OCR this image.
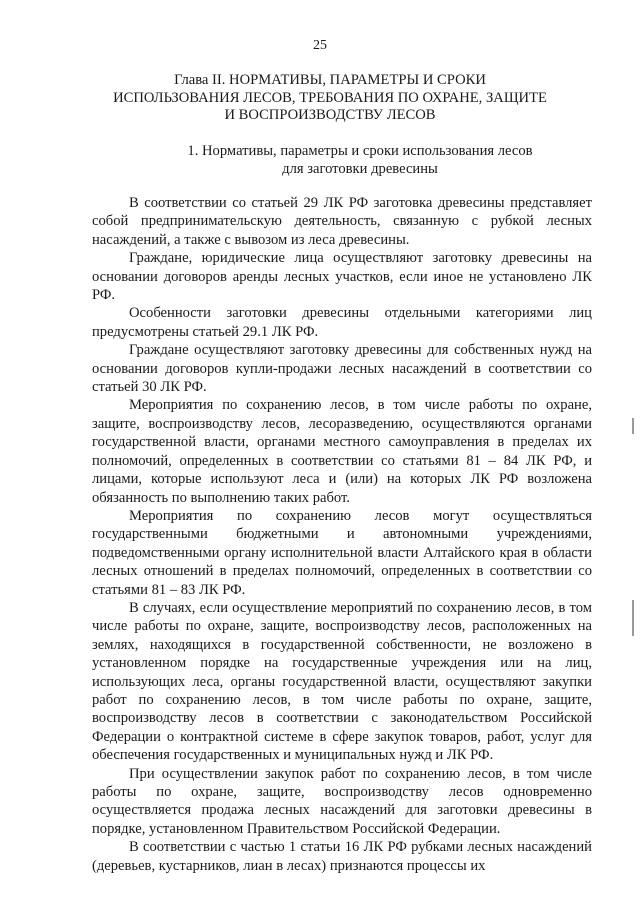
25
Глава II. НОРМАТИВЫ, ПАРАМЕТРЫ И СРОКИ
ИСПОЛЬЗОВАНИЯ ЛЕСОВ, ТРЕБОВАНИЯ ПО ОХРАНЕ, ЗАЩИТЕ
И ВОСПРОИЗВОДСТВУ ЛЕСОВ
1. Нормативы, параметры и сроки использования лесов
для заготовки древесины

В соответствии со статьей 29 ЛК РФ заготовка древесины представляет собой предпринимательскую деятельность, связанную с рубкой лесных насаждений, а также с вывозом из леса древесины.

Граждане, юридические лица осуществляют заготовку древесины на основании договоров аренды лесных участков, если иное не установлено ЛК РФ.

Особенности заготовки древесины отдельными категориями лиц предусмотрены статьей 29.1 ЛК РФ.

Граждане осуществляют заготовку древесины для собственных нужд на основании договоров купли-продажи лесных насаждений в соответствии со статьей 30 ЛК РФ.

Мероприятия по сохранению лесов, в том числе работы по охране, защите, воспроизводству лесов, лесоразведению, осуществляются органами государственной власти, органами местного самоуправления в пределах их полномочий, определенных в соответствии со статьями 81 – 84 ЛК РФ, и лицами, которые используют леса и (или) на которых ЛК РФ возложена обязанность по выполнению таких работ.

Мероприятия по сохранению лесов могут осуществляться государственными бюджетными и автономными учреждениями, подведомственными органу исполнительной власти Алтайского края в области лесных отношений в пределах полномочий, определенных в соответствии со статьями 81 – 83 ЛК РФ.

В случаях, если осуществление мероприятий по сохранению лесов, в том числе работы по охране, защите, воспроизводству лесов, расположенных на землях, находящихся в государственной собственности, не возложено в установленном порядке на государственные учреждения или на лиц, использующих леса, органы государственной власти, осуществляют закупки работ по сохранению лесов, в том числе работы по охране, защите, воспроизводству лесов в соответствии с законодательством Российской Федерации о контрактной системе в сфере закупок товаров, работ, услуг для обеспечения государственных и муниципальных нужд и ЛК РФ.

При осуществлении закупок работ по сохранению лесов, в том числе работы по охране, защите, воспроизводству лесов одновременно осуществляется продажа лесных насаждений для заготовки древесины в порядке, установленном Правительством Российской Федерации.

В соответствии с частью 1 статьи 16 ЛК РФ рубками лесных насаждений (деревьев, кустарников, лиан в лесах) признаются процессы их
